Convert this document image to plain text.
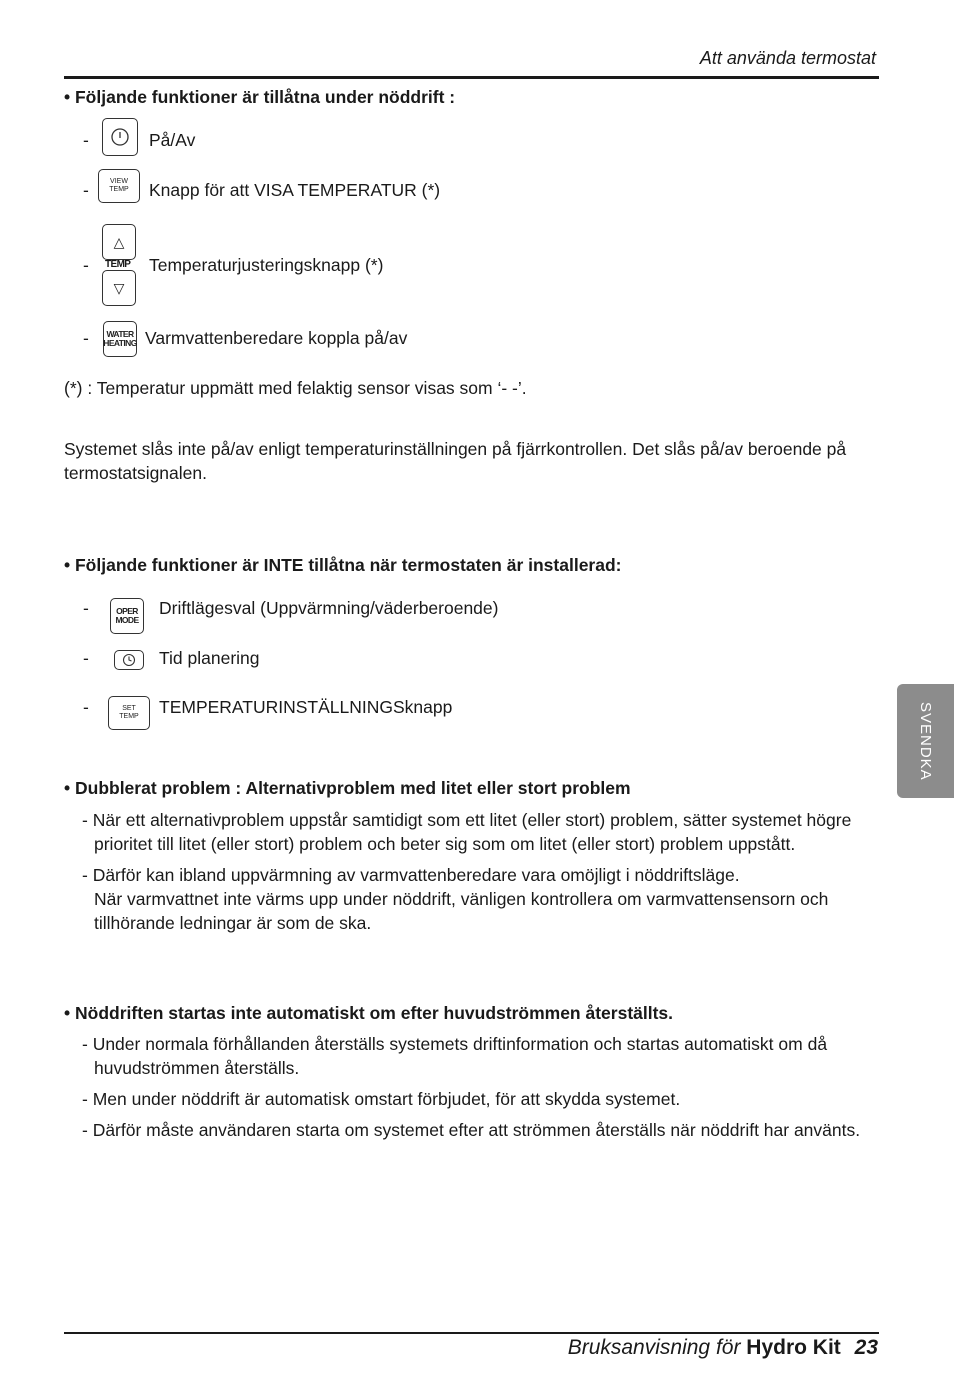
Att använda termostat
• Följande funktioner är tillåtna under nöddrift :
-	På/Av
-	VIEW
TEMP Knapp för att VISA TEMPERATUR (*)
-
△
TEMP
▽
Temperaturjusteringsknapp (*)
- WATER
HEATING Varmvattenberedare koppla på/av
(*) : Temperatur uppmätt med felaktig sensor visas som ‘- -’.
Systemet slås inte på/av enligt temperaturinställningen på fjärrkontrollen. Det slås på/av beroende på termostatsignalen.
• Följande funktioner är INTE tillåtna när termostaten är installerad:
-	OPER
MODE
Driftlägesval (Uppvärmning/väderberoende)
-	Tid planering
-	SET
TEMP TEMPERATURINSTÄLLNINGSknapp
• Dubblerat problem : Alternativproblem med litet eller stort problem
- När ett alternativproblem uppstår samtidigt som ett litet (eller stort) problem, sätter systemet högre prioritet till litet (eller stort) problem och beter sig som om litet (eller stort) problem uppstått.
- Därför kan ibland uppvärmning av varmvattenberedare vara omöjligt i nöddriftsläge.
När varmvattnet inte värms upp under nöddrift, vänligen kontrollera om varmvattensensorn och tillhörande ledningar är som de ska.
• Nöddriften startas inte automatiskt om efter huvudströmmen återställts.
- Under normala förhållanden återställs systemets driftinformation och startas automatiskt om då huvudströmmen återställs.
- Men under nöddrift är automatisk omstart förbjudet, för att skydda systemet.
- Därför måste användaren starta om systemet efter att strömmen återställs när nöddrift har använts.
SVENDKA
Bruksanvisning för Hydro Kit 23
